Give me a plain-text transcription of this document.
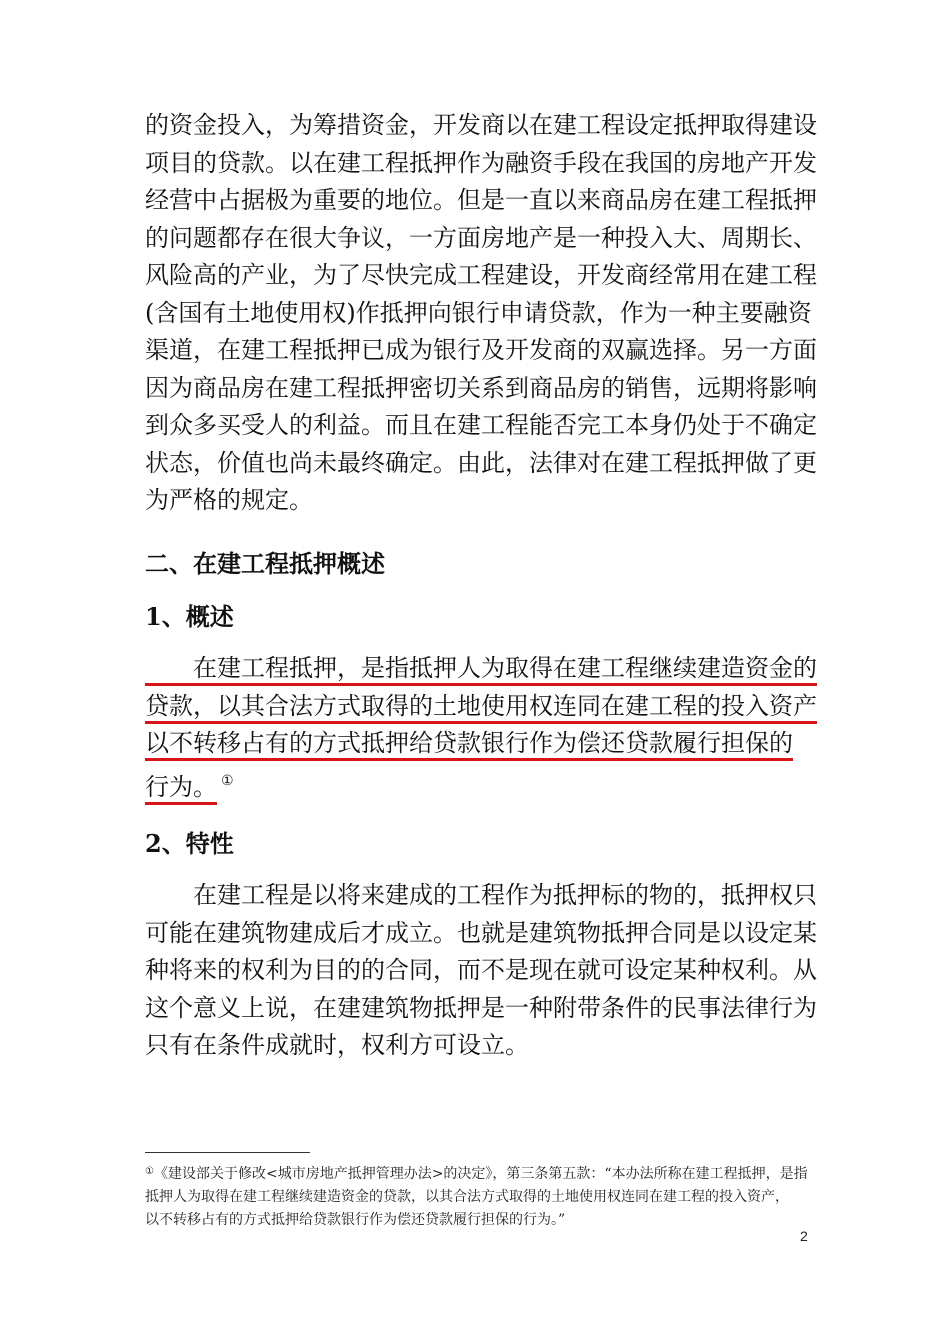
的资金投入，为筹措资金，开发商以在建工程设定抵押取得建设
项目的贷款。以在建工程抵押作为融资手段在我国的房地产开发
经营中占据极为重要的地位。但是一直以来商品房在建工程抵押
的问题都存在很大争议，一方面房地产是一种投入大、周期长、
风险高的产业，为了尽快完成工程建设，开发商经常用在建工程
(含国有土地使用权)作抵押向银行申请贷款，作为一种主要融资
渠道，在建工程抵押已成为银行及开发商的双赢选择。另一方面
因为商品房在建工程抵押密切关系到商品房的销售，远期将影响
到众多买受人的利益。而且在建工程能否完工本身仍处于不确定
状态，价值也尚未最终确定。由此，法律对在建工程抵押做了更
为严格的规定。
二、在建工程抵押概述
1、概述
　　在建工程抵押，是指抵押人为取得在建工程继续建造资金的
贷款，以其合法方式取得的土地使用权连同在建工程的投入资产
以不转移占有的方式抵押给贷款银行作为偿还贷款履行担保的
行为。 ①
2、特性
　　在建工程是以将来建成的工程作为抵押标的物的，抵押权只
可能在建筑物建成后才成立。也就是建筑物抵押合同是以设定某
种将来的权利为目的的合同，而不是现在就可设定某种权利。从
这个意义上说，在建建筑物抵押是一种附带条件的民事法律行为
只有在条件成就时，权利方可设立。
①《建设部关于修改<城市房地产抵押管理办法>的决定》，第三条第五款：“本办法所称在建工程抵押，是指
抵押人为取得在建工程继续建造资金的贷款，以其合法方式取得的土地使用权连同在建工程的投入资产，
以不转移占有的方式抵押给贷款银行作为偿还贷款履行担保的行为。”
2
